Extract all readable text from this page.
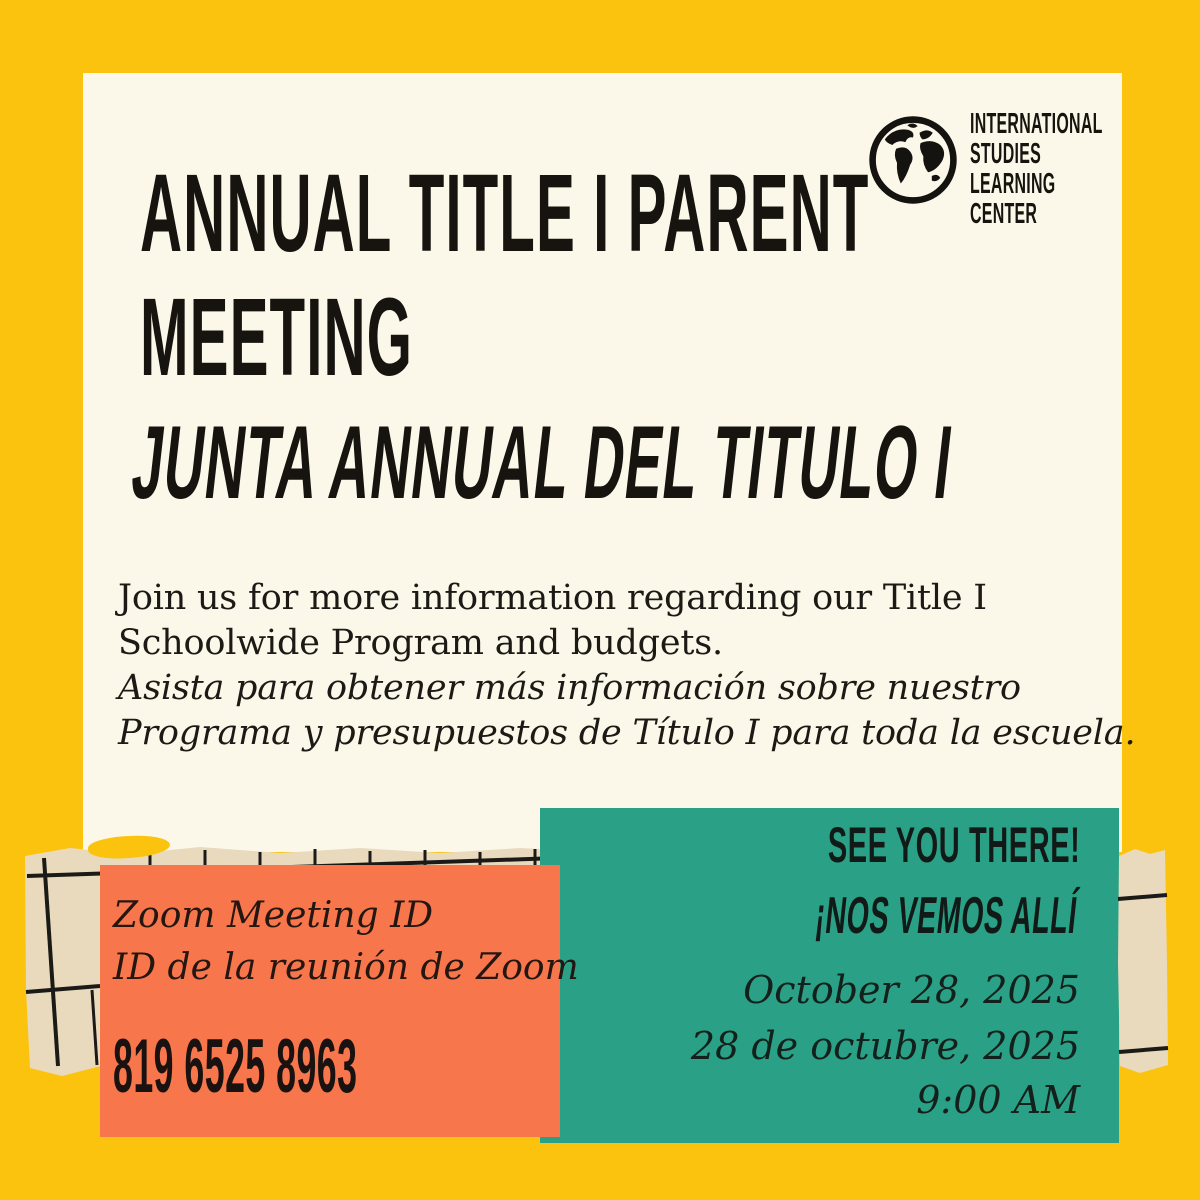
SEE YOU THERE!
¡NOS VEMOS ALLÍ
October 28, 2025
28 de octubre, 2025
9:00 AM
Zoom Meeting ID
ID de la reunión de Zoom
819 6525 8963
INTERNATIONAL
STUDIES
LEARNING
CENTER
ANNUAL TITLE I PARENT MEETING
JUNTA ANNUAL DEL TITULO I
Join us for more information regarding our Title I
Schoolwide Program and budgets.
Asista para obtener más información sobre nuestro
Programa y presupuestos de Título I para toda la escuela.
